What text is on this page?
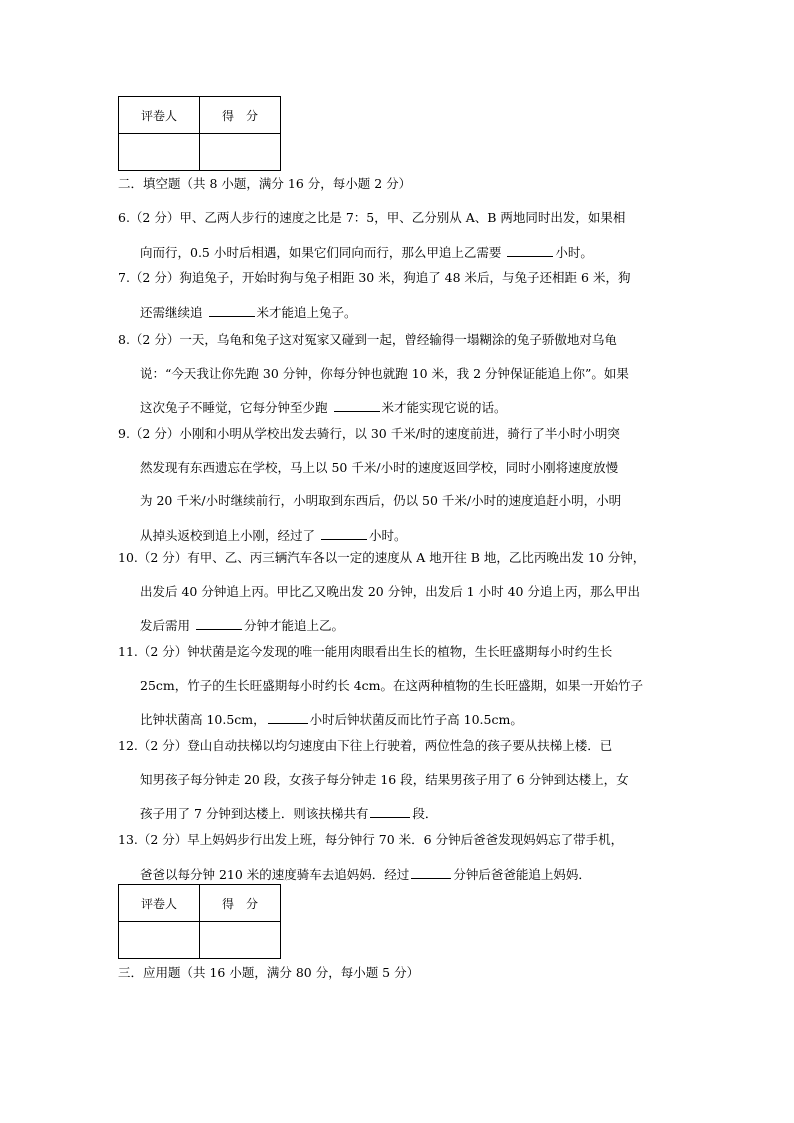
评卷人	得　分

二．填空题（共 8 小题，满分 16 分，每小题 2 分）
6.（2 分）甲、乙两人步行的速度之比是 7：5，甲、乙分别从 A、B 两地同时出发，如果相
向而行，0.5 小时后相遇，如果它们同向而行，那么甲追上乙需要	小时。
7.（2 分）狗追兔子，开始时狗与兔子相距 30 米，狗追了 48 米后，与兔子还相距 6 米，狗
还需继续追	米才能追上兔子。
8.（2 分）一天，乌龟和兔子这对冤家又碰到一起，曾经输得一塌糊涂的兔子骄傲地对乌龟
说：“今天我让你先跑 30 分钟，你每分钟也就跑 10 米，我 2 分钟保证能追上你”。如果
这次兔子不睡觉，它每分钟至少跑	米才能实现它说的话。
9.（2 分）小刚和小明从学校出发去骑行，以 30 千米/时的速度前进，骑行了半小时小明突
然发现有东西遗忘在学校，马上以 50 千米/小时的速度返回学校，同时小刚将速度放慢
为 20 千米/小时继续前行，小明取到东西后，仍以 50 千米/小时的速度追赶小明，小明
从掉头返校到追上小刚，经过了	小时。
10.（2 分）有甲、乙、丙三辆汽车各以一定的速度从 A 地开往 B 地，乙比丙晚出发 10 分钟，
出发后 40 分钟追上丙。甲比乙又晚出发 20 分钟，出发后 1 小时 40 分追上丙，那么甲出
发后需用	分钟才能追上乙。
11.（2 分）钟状菌是迄今发现的唯一能用肉眼看出生长的植物，生长旺盛期每小时约生长
25cm，竹子的生长旺盛期每小时约长 4cm。在这两种植物的生长旺盛期，如果一开始竹子
比钟状菌高 10.5cm，	小时后钟状菌反而比竹子高 10.5cm。
12.（2 分）登山自动扶梯以均匀速度由下往上行驶着，两位性急的孩子要从扶梯上楼．已
知男孩子每分钟走 20 段，女孩子每分钟走 16 段，结果男孩子用了 6 分钟到达楼上，女
孩子用了 7 分钟到达楼上．则该扶梯共有	段．
13.（2 分）早上妈妈步行出发上班，每分钟行 70 米．6 分钟后爸爸发现妈妈忘了带手机，
爸爸以每分钟 210 米的速度骑车去追妈妈．经过	分钟后爸爸能追上妈妈．
评卷人	得　分

三．应用题（共 16 小题，满分 80 分，每小题 5 分）
